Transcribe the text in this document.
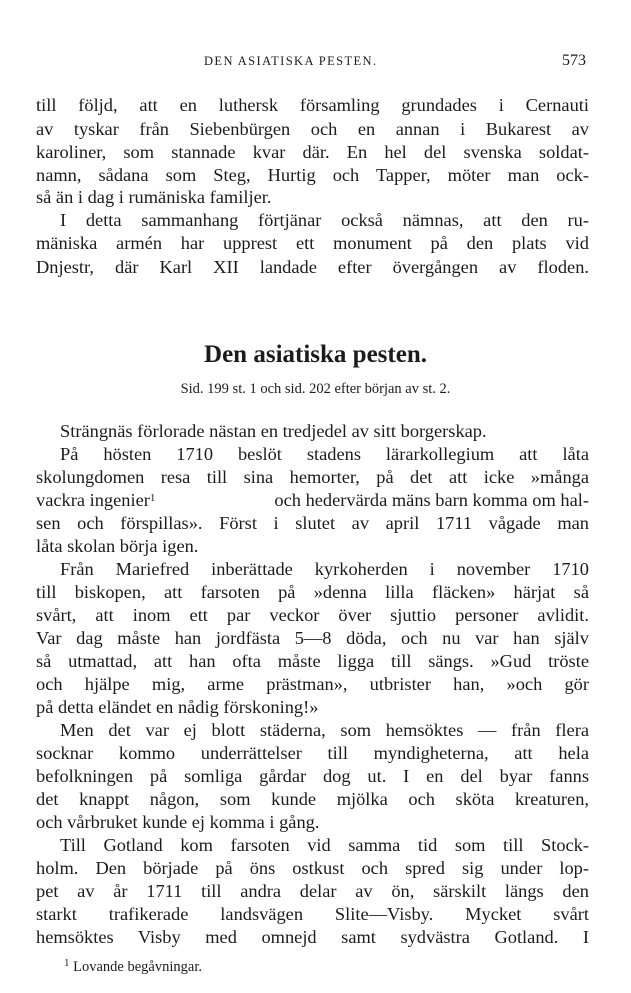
DEN ASIATISKA PESTEN.	573
till följd, att en luthersk församling grundades i Cernauti
av tyskar från Siebenbürgen och en annan i Bukarest av
karoliner, som stannade kvar där. En hel del svenska soldat-
namn, sådana som Steg, Hurtig och Tapper, möter man ock-
så än i dag i rumäniska familjer.
I detta sammanhang förtjänar också nämnas, att den ru-
mäniska armén har upprest ett monument på den plats vid
Dnjestr, där Karl XII landade efter övergången av floden.
Den asiatiska pesten.
Sid. 199 st. 1 och sid. 202 efter början av st. 2.
Strängnäs förlorade nästan en tredjedel av sitt borgerskap.
På hösten 1710 beslöt stadens lärarkollegium att låta
skolungdomen resa till sina hemorter, på det att icke »många
vackra ingenier$^1$	och hedervärda mäns barn komma om hal-
sen och förspillas». Först i slutet av april 1711 vågade man
låta skolan börja igen.
Från Mariefred inberättade kyrkoherden i november 1710
till biskopen, att farsoten på »denna lilla fläcken» härjat så
svårt, att inom ett par veckor över sjuttio personer avlidit.
Var dag måste han jordfästa 5—8 döda, och nu var han själv
så utmattad, att han ofta måste ligga till sängs. »Gud tröste
och hjälpe mig, arme prästman», utbrister han, »och gör
på detta eländet en nådig förskoning!»
Men det var ej blott städerna, som hemsöktes — från flera
socknar kommo underrättelser till myndigheterna, att hela
befolkningen på somliga gårdar dog ut. I en del byar fanns
det knappt någon, som kunde mjölka och sköta kreaturen,
och vårbruket kunde ej komma i gång.
Till Gotland kom farsoten vid samma tid som till Stock-
holm. Den började på öns ostkust och spred sig under lop-
pet av år 1711 till andra delar av ön, särskilt längs den
starkt trafikerade landsvägen Slite—Visby. Mycket svårt
hemsöktes Visby med omnejd samt sydvästra Gotland. I
$^1$ Lovande begåvningar.
